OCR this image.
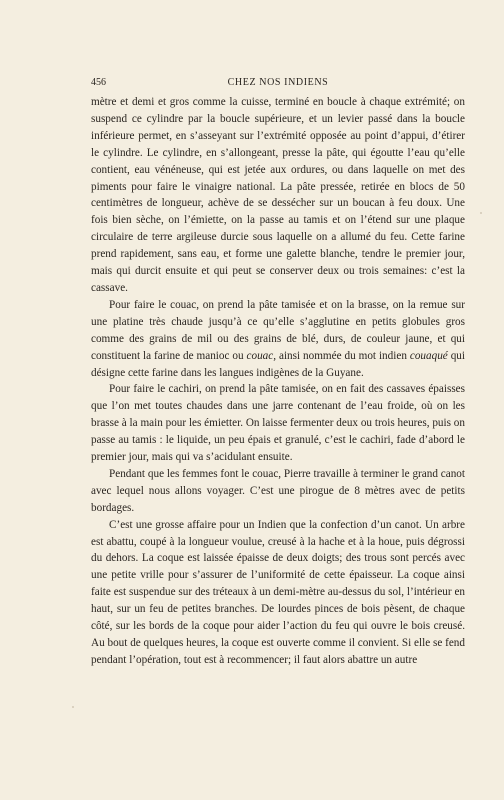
456	CHEZ NOS INDIENS

mètre et demi et gros comme la cuisse, terminé en boucle à chaque extrémité; on suspend ce cylindre par la boucle supérieure, et un levier passé dans la boucle inférieure permet, en s’asseyant sur l’extrémité opposée au point d’appui, d’étirer le cylindre. Le cylindre, en s’allongeant, presse la pâte, qui égoutte l’eau qu’elle contient, eau vénéneuse, qui est jetée aux ordures, ou dans laquelle on met des piments pour faire le vinaigre national. La pâte pressée, retirée en blocs de 50 centimètres de longueur, achève de se dessécher sur un boucan à feu doux. Une fois bien sèche, on l’émiette, on la passe au tamis et on l’étend sur une plaque circulaire de terre argileuse durcie sous laquelle on a allumé du feu. Cette farine prend rapidement, sans eau, et forme une galette blanche, tendre le premier jour, mais qui durcit ensuite et qui peut se conserver deux ou trois semaines: c’est la cassave.

Pour faire le couac, on prend la pâte tamisée et on la brasse, on la remue sur une platine très chaude jusqu’à ce qu’elle s’agglutine en petits globules gros comme des grains de mil ou des grains de blé, durs, de couleur jaune, et qui constituent la farine de manioc ou couac, ainsi nommée du mot indien couaqué qui désigne cette farine dans les langues indigènes de la Guyane.

Pour faire le cachiri, on prend la pâte tamisée, on en fait des cassaves épaisses que l’on met toutes chaudes dans une jarre contenant de l’eau froide, où on les brasse à la main pour les émietter. On laisse fermenter deux ou trois heures, puis on passe au tamis : le liquide, un peu épais et granulé, c’est le cachiri, fade d’abord le premier jour, mais qui va s’acidulant ensuite.

Pendant que les femmes font le couac, Pierre travaille à terminer le grand canot avec lequel nous allons voyager. C’est une pirogue de 8 mètres avec de petits bordages.

C’est une grosse affaire pour un Indien que la confection d’un canot. Un arbre est abattu, coupé à la longueur voulue, creusé à la hache et à la houe, puis dégrossi du dehors. La coque est laissée épaisse de deux doigts; des trous sont percés avec une petite vrille pour s’assurer de l’uniformité de cette épaisseur. La coque ainsi faite est suspendue sur des tréteaux à un demi-mètre au-dessus du sol, l’intérieur en haut, sur un feu de petites branches. De lourdes pinces de bois pèsent, de chaque côté, sur les bords de la coque pour aider l’action du feu qui ouvre le bois creusé. Au bout de quelques heures, la coque est ouverte comme il convient. Si elle se fend pendant l’opération, tout est à recommencer; il faut alors abattre un autre
